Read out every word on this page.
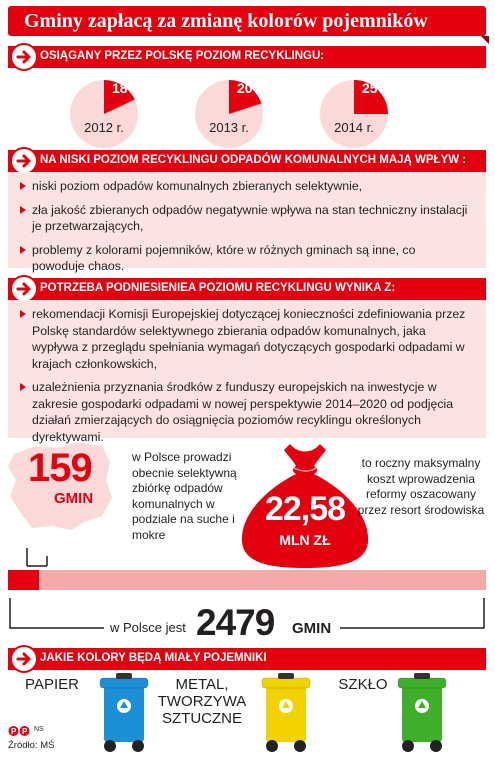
Gminy zapłacą za zmianę kolorów pojemników
OSIĄGANY PRZEZ POLSKĘ POZIOM RECYKLINGU:
2012 r.	2013 r.	2014 r.
18%	20%	25%
NA NISKI POZIOM RECYKLINGU ODPADÓW KOMUNALNYCH MAJĄ WPŁYW :
niski poziom odpadów komunalnych zbieranych selektywnie,
zła jakość zbieranych odpadów negatywnie wpływa na stan techniczny instalacji je przetwarzających,
problemy z kolorami pojemników, które w różnych gminach są inne, co powoduje chaos.
POTRZEBA PODNIESIENIEA POZIOMU RECYKLINGU WYNIKA Z:
rekomendacji Komisji Europejskiej dotyczącej konieczności zdefiniowania przez Polskę standardów selektywnego zbierania odpadów komunalnych, jaka wypływa z przeglądu spełniania wymagań dotyczących gospodarki odpadami w krajach członkowskich,
uzależnienia przyznania środków z funduszy europejskich na inwestycje w zakresie gospodarki odpadami w nowej perspektywie 2014–2020 od podjęcia działań zmierzających do osiągnięcia poziomów recyklingu określonych dyrektywami.
159
GMIN
w Polsce prowadzi obecnie selektywną zbiórkę odpadów komunalnych w podziale na suche i mokre
22,58
MLN ZŁ
to roczny maksymalny koszt wprowadzenia reformy oszacowany przez resort środowiska
w Polsce jest 2479 GMIN
JAKIE KOLORY BĘDĄ MIAŁY POJEMNIKI
PAPIER	METAL, TWORZYWA SZTUCZNE
SZKŁO
P P NS
Źródło: MŚ
